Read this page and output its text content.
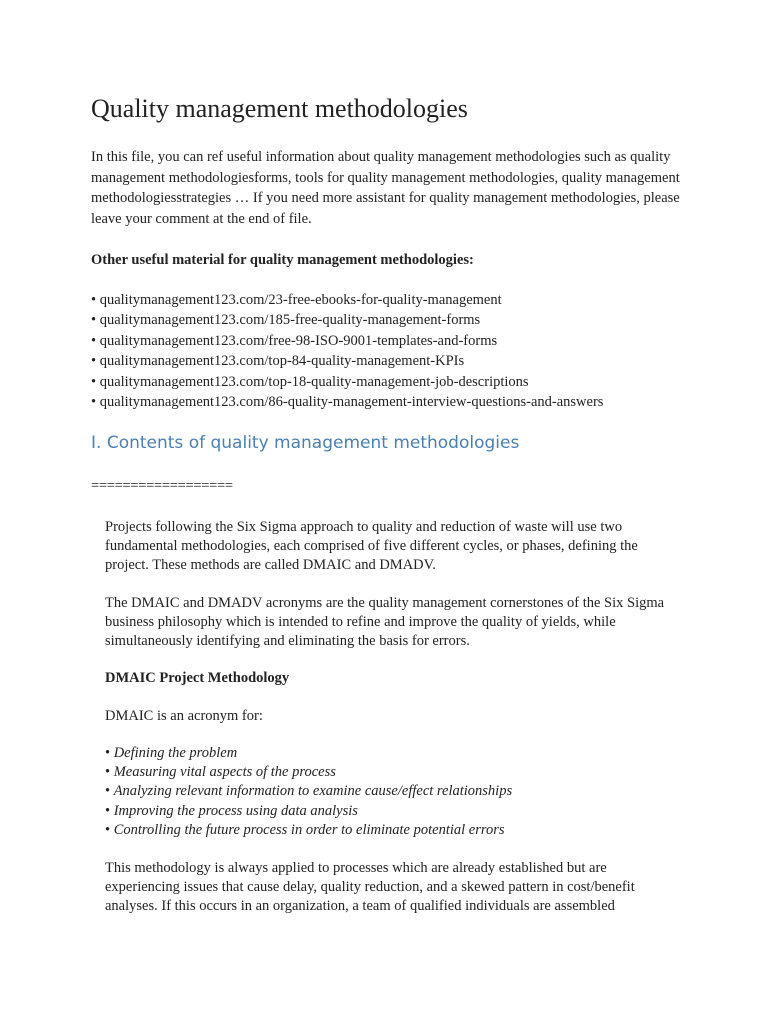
Quality management methodologies

In this file, you can ref useful information about quality management methodologies such as quality management methodologiesforms, tools for quality management methodologies, quality management methodologiesstrategies … If you need more assistant for quality management methodologies, please leave your comment at the end of file.

Other useful material for quality management methodologies:

• qualitymanagement123.com/23-free-ebooks-for-quality-management
• qualitymanagement123.com/185-free-quality-management-forms
• qualitymanagement123.com/free-98-ISO-9001-templates-and-forms
• qualitymanagement123.com/top-84-quality-management-KPIs
• qualitymanagement123.com/top-18-quality-management-job-descriptions
• qualitymanagement123.com/86-quality-management-interview-questions-and-answers
I. Contents of quality management methodologies

==================

Projects following the Six Sigma approach to quality and reduction of waste will use two fundamental methodologies, each comprised of five different cycles, or phases, defining the project. These methods are called DMAIC and DMADV.

The DMAIC and DMADV acronyms are the quality management cornerstones of the Six Sigma business philosophy which is intended to refine and improve the quality of yields, while simultaneously identifying and eliminating the basis for errors.

DMAIC Project Methodology

DMAIC is an acronym for:

• Defining the problem
• Measuring vital aspects of the process
• Analyzing relevant information to examine cause/effect relationships
• Improving the process using data analysis
• Controlling the future process in order to eliminate potential errors

This methodology is always applied to processes which are already established but are experiencing issues that cause delay, quality reduction, and a skewed pattern in cost/benefit analyses. If this occurs in an organization, a team of qualified individuals are assembled
